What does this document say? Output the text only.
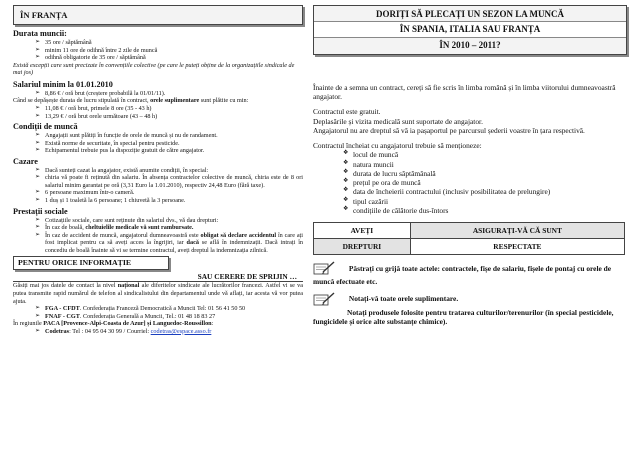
ÎN FRANȚA
Durata muncii:
➢ 35 ore / săptămână
➢ minim 11 ore de odihnă între 2 zile de muncă
➢ odihnă obligatorie de 35 ore / săptămână
Există excepții care sunt precizate în convențiile colective (pe care le puteți obține de la organizațiile sindicale de mai jos)
Salariul minim la 01.01.2010
➢ 8,86 € / oră brut (creștere probabilă la 01/01/11).
Când se depășește durata de lucru stipulată în contract, orele suplimentare sunt plătite cu min:
➢ 11,08 € / oră brut, primele 8 ore (35 - 43 h)
➢ 13,29 € / oră brut orele următoare (43 – 48 h)
Condiții de muncă
➢ Angajații sunt plătiți în funcție de orele de muncă și nu de randament.
➢ Există norme de securitate, în special pentru pesticide.
➢ Echipamentul trebuie pus la dispoziție gratuit de către angajator.
Cazare
➢ Dacă sunteți cazat la angajator, există anumite condiții, în special:
➢ chiria vă poate fi reținută din salariu. În absența contractelor colective de muncă, chiria este de 8 ori salariul minim garantat pe oră (3,31 Euro la 1.01.2010), respectiv 24,48 Euro (fără taxe).
➢ 6 persoane maximum într-o cameră.
➢ 1 duș și 1 toaletă la 6 persoane; 1 chiuvetă la 3 persoane.
Prestații sociale
➢ Cotizațiile sociale, care sunt reținute din salariul dvs., vă dau drepturi:
➢ În caz de boală, cheltuielile medicale vă sunt rambursate.
➢ În caz de accident de muncă, angajatorul dumneavoastră este obligat să declare accidentul în care ați fost implicat pentru ca să aveți acces la îngrijiri, iar dacă se află în indemnizații. Dacă intrați în concediu de boală înainte să vi se termine contractul, aveți dreptul la indemnizația zilnică.
PENTRU ORICE INFORMAȚIE
SAU CERERE DE SPRIJIN …
Găsiți mai jos datele de contact la nivel național ale diferitelor sindicate ale lucrătorilor francezi. Astfel vi se va putea transmite rapid numărul de telefon al sindicalistului din departamentul unde vă aflați, iar acesta vă vor putea ajuta.
➢ FGA - CFDT. Confederația Franceză Democratică a Muncii Tel: 01 56 41 50 50
➢ FNAF - CGT. Confederația Generală a Muncii, Tel.: 01 48 18 83 27
În regiunile PACA [Provence-Alpi-Coasta de Azur] și Languedoc-Roussillon:
➢ Codetras: Tel : 04 95 04 30 99 / Courriel: codetras@espace.asso.fr
DORIȚI SĂ PLECAȚI UN SEZON LA MUNCĂ
ÎN SPANIA, ITALIA SAU FRANȚA
ÎN 2010 – 2011?

Înainte de a semna un contract, cereți să fie scris în limba română și în limba viitorului dumneavoastră angajator.

Contractul este gratuit.

Deplasările și vizita medicală sunt suportate de angajator.

Angajatorul nu are dreptul să vă ia pașaportul pe parcursul șederii voastre în țara respectivă.

Contractul încheiat cu angajatorul trebuie să menționeze:

❖ locul de muncă
❖ natura muncii
❖ durata de lucru săptămânală
❖ prețul pe ora de muncă
❖ data de încheierii contractului (inclusiv posibilitatea de prelungire)
❖ tipul cazării
❖ condițiile de călătorie dus-întors
AVEȚI	ASIGURAȚI-VĂ CĂ SUNT
DREPTURI	RESPECTATE
Păstrați cu grijă toate actele: contractele, fișe de salariu, fișele de pontaj cu orele de muncă efectuate etc.
Notați-vă toate orele suplimentare.
Notați produsele folosite pentru tratarea culturilor/terenurilor (în special pesticidele, fungicidele și orice alte substanțe chimice).
